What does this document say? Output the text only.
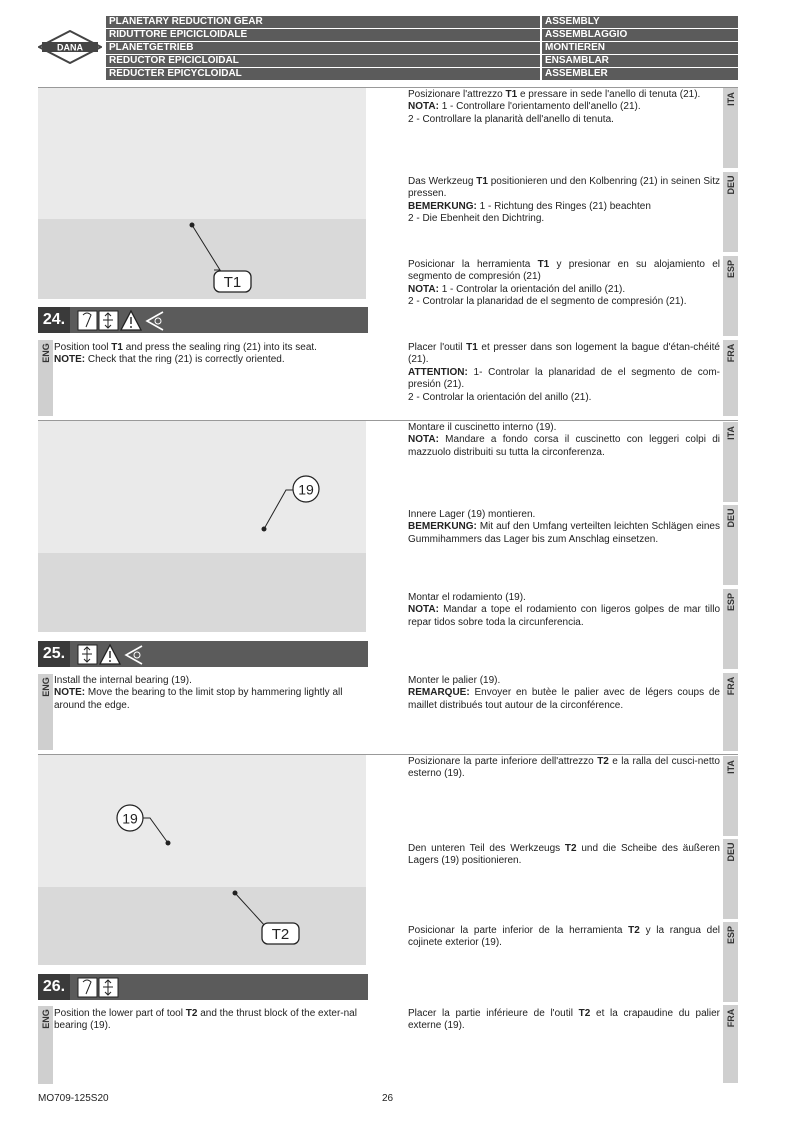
DANA
PLANETARY REDUCTION GEAR	ASSEMBLY
RIDUTTORE EPICICLOIDALE	ASSEMBLAGGIO
PLANETGETRIEB	MONTIEREN
REDUCTOR EPICICLOIDAL	ENSAMBLAR
REDUCTER EPICYCLOIDAL	ASSEMBLER
T1
24.
ENG Position tool T1 and press the sealing ring (21) into its seat.
NOTE: Check that the ring (21) is correctly oriented.
ITA
Posizionare l'attrezzo T1 e pressare in sede l'anello di tenuta (21).
NOTA: 1 - Controllare l'orientamento dell'anello (21).
2 - Controllare la planarità dell'anello di tenuta.
DEU
Das Werkzeug T1 positionieren und den Kolbenring (21) in seinen Sitz pressen.
BEMERKUNG: 1 - Richtung des Ringes (21) beachten
2 - Die Ebenheit den Dichtring.
ESP
Posicionar la herramienta T1 y presionar en su alojamiento el segmento de compresión (21)
NOTA: 1 - Controlar la orientación del anillo (21).
2 - Controlar la planaridad de el segmento de compresión (21).
FRA
Placer l'outil T1 et presser dans son logement la bague d'étan-chéité (21).
ATTENTION: 1- Controlar la planaridad de el segmento de com-presión (21).
2 - Controlar la orientación del anillo (21).
19
25.
ENG Install the internal bearing (19).
NOTE: Move the bearing to the limit stop by hammering lightly all around the edge.
ITA
Montare il cuscinetto interno (19).
NOTA: Mandare a fondo corsa il cuscinetto con leggeri colpi di mazzuolo distribuiti su tutta la circonferenza.
DEU
Innere Lager (19) montieren.
BEMERKUNG: Mit auf den Umfang verteilten leichten Schlägen eines Gummihammers das Lager bis zum Anschlag einsetzen.
ESP
Montar el rodamiento (19).
NOTA: Mandar a tope el rodamiento con ligeros golpes de mar tillo repar tidos sobre toda la circunferencia.
FRA
Monter le palier (19).
REMARQUE: Envoyer en butèe le palier avec de légers coups de maillet distribués tout autour de la circonférence.
19
T2
26.
ENG Position the lower part of tool T2 and the thrust block of the exter-nal bearing (19).
ITA
Posizionare la parte inferiore dell'attrezzo T2 e la ralla del cusci-netto esterno (19).
DEU
Den unteren Teil des Werkzeugs T2 und die Scheibe des äußeren Lagers (19) positionieren.
ESP
Posicionar la parte inferior de la herramienta T2 y la rangua del cojinete exterior (19).
FRA
Placer la partie inférieure de l'outil T2 et la crapaudine du palier externe (19).
MO709-125S20	26
